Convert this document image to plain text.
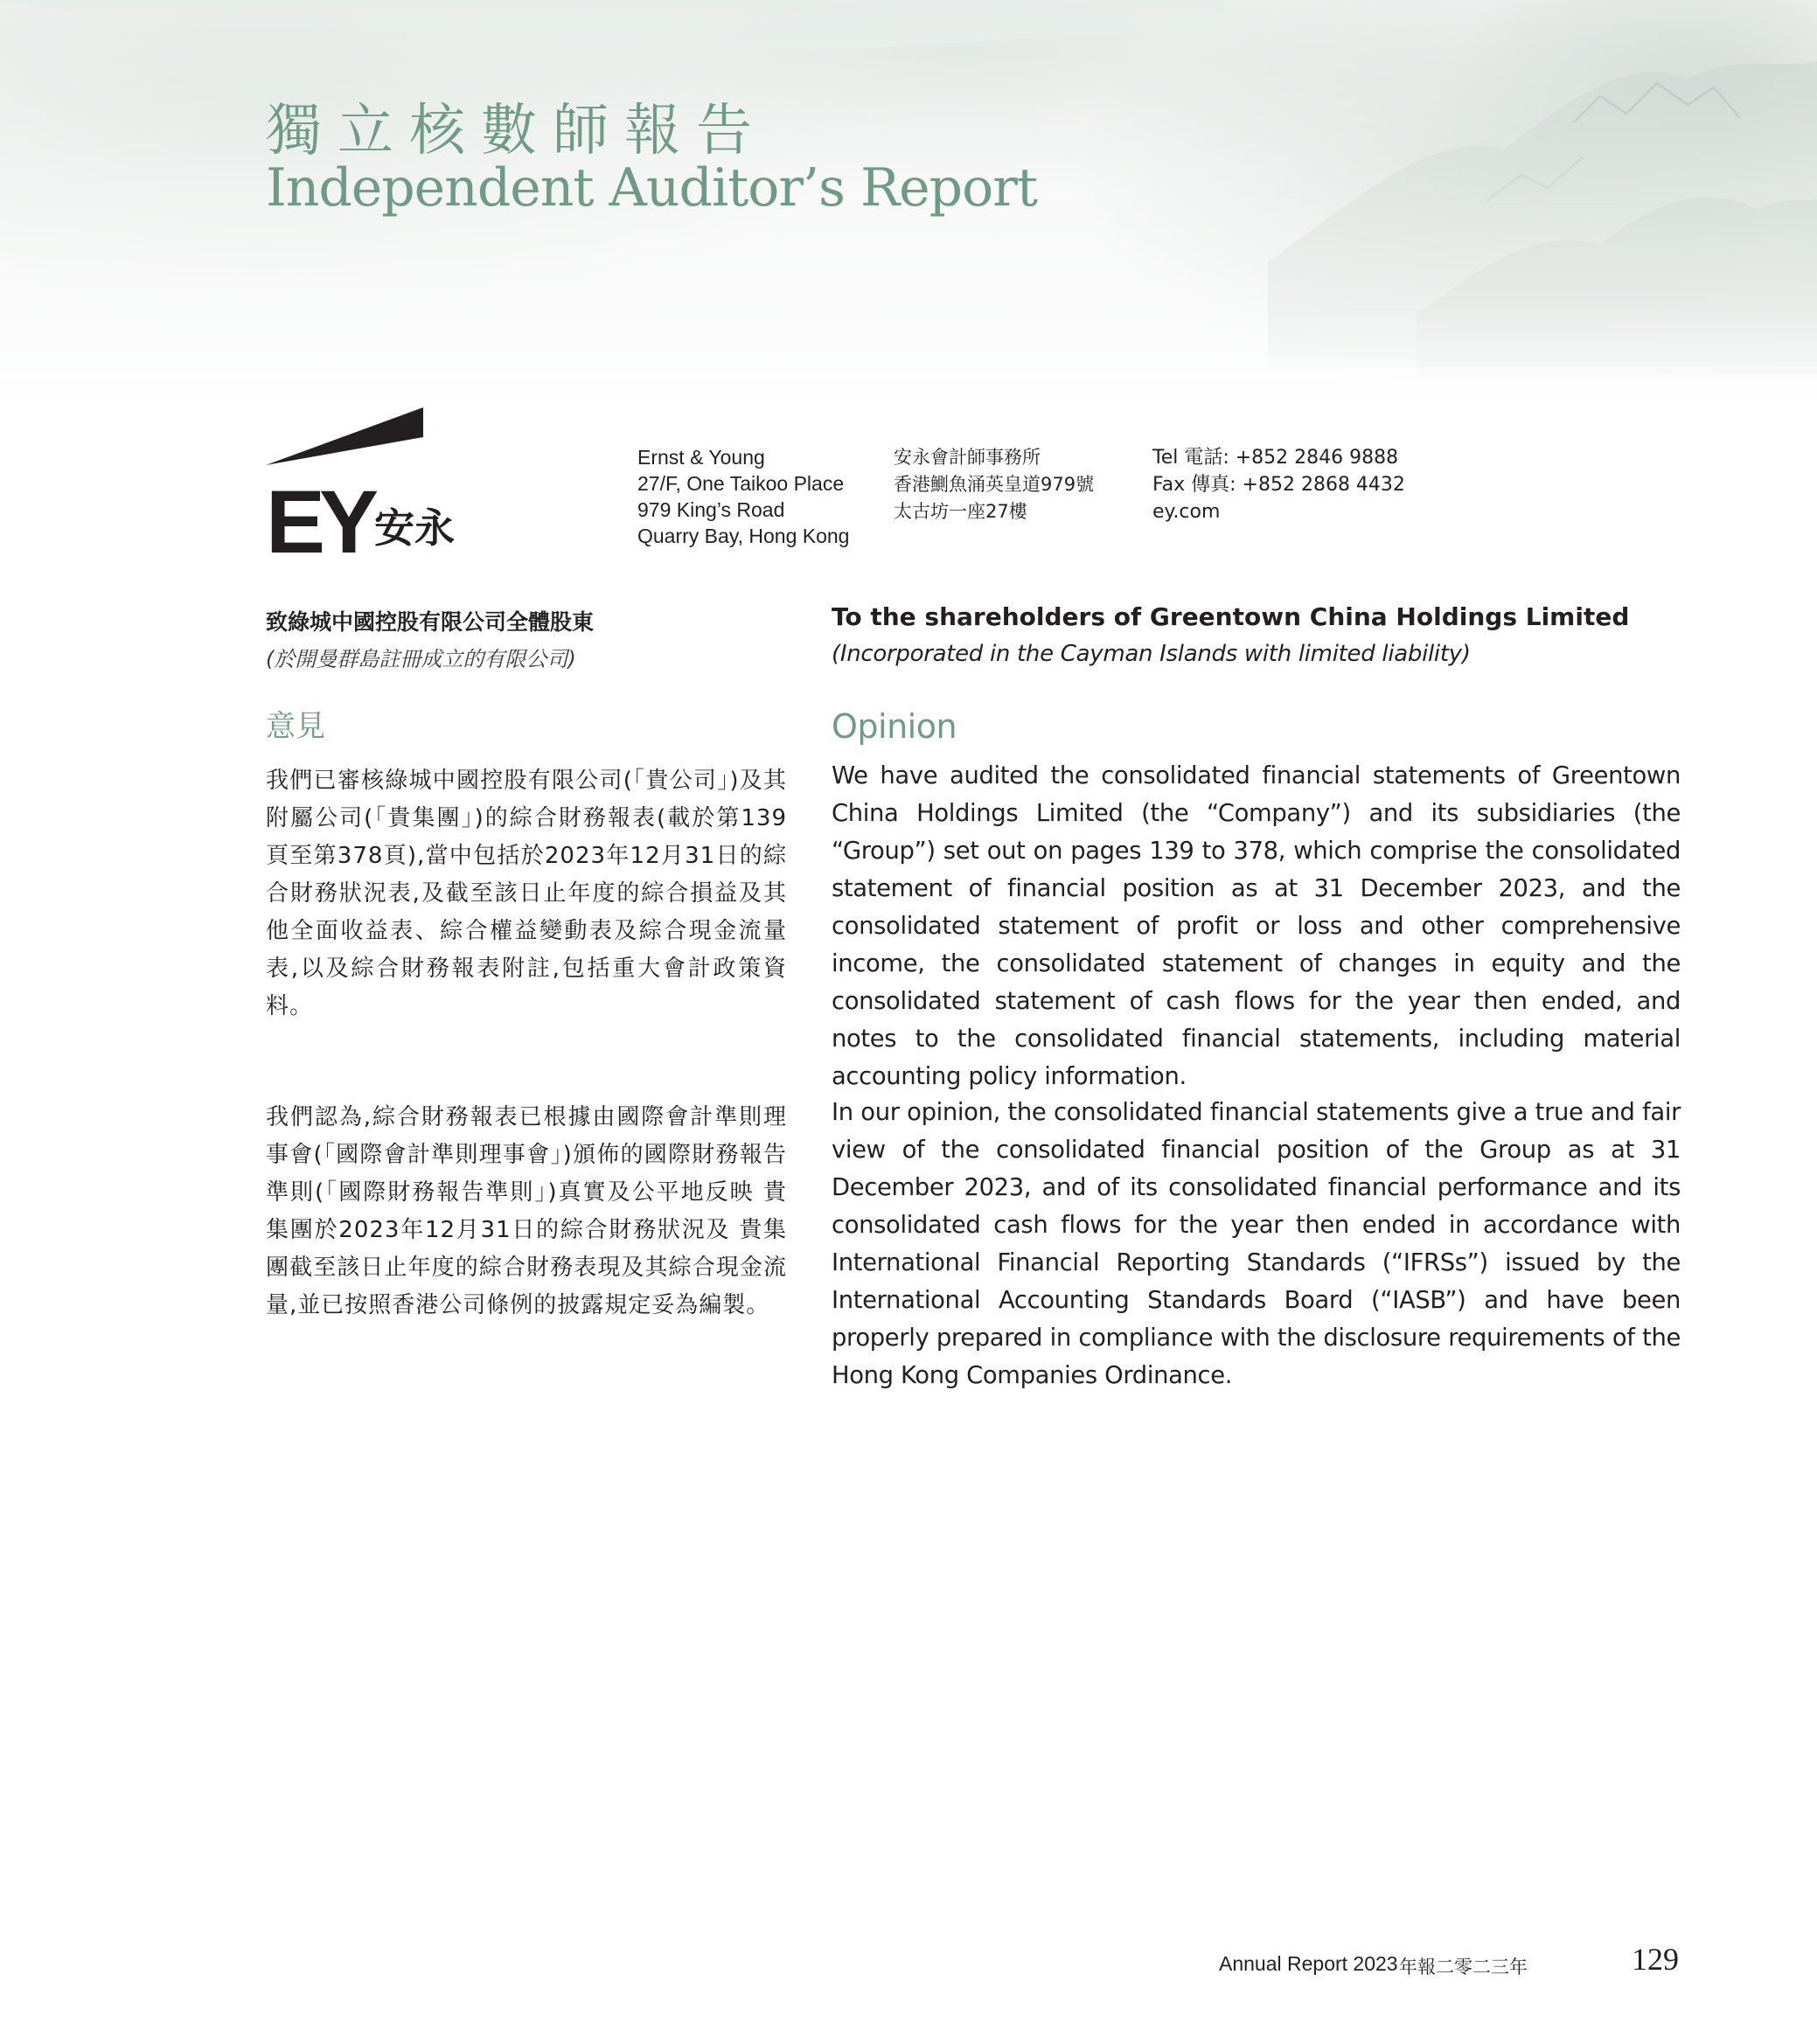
獨立核數師報告
Independent Auditor’s Report
EY 安永
Ernst & Young
27/F, One Taikoo Place
979 King’s Road
Quarry Bay, Hong Kong
安永會計師事務所
香港鰂魚涌英皇道979號
太古坊一座27樓
Tel 電話: +852 2846 9888
Fax 傳真: +852 2868 4432
ey.com
致綠城中國控股有限公司全體股東
(於開曼群島註冊成立的有限公司)
To the shareholders of Greentown China Holdings Limited
(Incorporated in the Cayman Islands with limited liability)
意見	Opinion
我們已審核綠城中國控股有限公司(「貴公司」)及其附屬公司(「貴集團」)的綜合財務報表(載於第139頁至第378頁),當中包括於2023年12月31日的綜合財務狀況表,及截至該日止年度的綜合損益及其他全面收益表、綜合權益變動表及綜合現金流量表,以及綜合財務報表附註,包括重大會計政策資料。
We have audited the consolidated financial statements of Greentown China Holdings Limited (the “Company”) and its subsidiaries (the “Group”) set out on pages 139 to 378, which comprise the consolidated statement of financial position as at 31 December 2023, and the consolidated statement of profit or loss and other comprehensive income, the consolidated statement of changes in equity and the consolidated statement of cash flows for the year then ended, and notes to the consolidated financial statements, including material accounting policy information.
我們認為,綜合財務報表已根據由國際會計準則理事會(「國際會計準則理事會」)頒佈的國際財務報告準則(「國際財務報告準則」)真實及公平地反映 貴集團於2023年12月31日的綜合財務狀況及 貴集團截至該日止年度的綜合財務表現及其綜合現金流量,並已按照香港公司條例的披露規定妥為編製。
In our opinion, the consolidated financial statements give a true and fair view of the consolidated financial position of the Group as at 31 December 2023, and of its consolidated financial performance and its consolidated cash flows for the year then ended in accordance with International Financial Reporting Standards (“IFRSs”) issued by the International Accounting Standards Board (“IASB”) and have been properly prepared in compliance with the disclosure requirements of the Hong Kong Companies Ordinance.
Annual Report 2023 年報二零二三年	129
